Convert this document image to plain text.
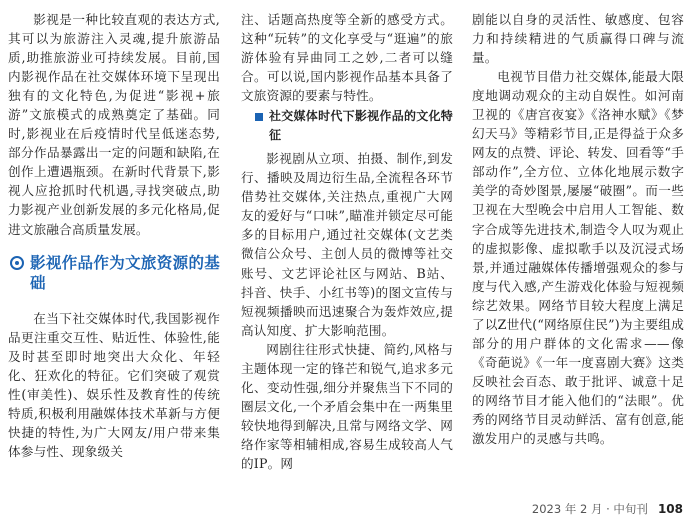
影视是一种比较直观的表达方式,其可以为旅游注入灵魂,提升旅游品质,助推旅游业可持续发展。目前,国内影视作品在社交媒体环境下呈现出独有的文化特色,为促进“影视+旅游”文旅模式的成熟奠定了基础。同时,影视业在后疫情时代呈低迷态势,部分作品暴露出一定的问题和缺陷,在创作上遭遇瓶颈。在新时代背景下,影视人应抢抓时代机遇,寻找突破点,助力影视产业创新发展的多元化格局,促进文旅融合高质量发展。

影视作品作为文旅资源的基础

在当下社交媒体时代,我国影视作品更注重交互性、贴近性、体验性,能及时甚至即时地突出大众化、年轻化、狂欢化的特征。它们突破了观赏性(审美性)、娱乐性及教育性的传统特质,积极利用融媒体技术革新与方便快捷的特性,为广大网友/用户带来集体参与性、现象级关

注、话题高热度等全新的感受方式。这种“玩转”的文化享受与“逛遍”的旅游体验有异曲同工之妙,二者可以缝合。可以说,国内影视作品基本具备了文旅资源的要素与特性。

社交媒体时代下影视作品的文化特征

影视剧从立项、拍摄、制作,到发行、播映及周边衍生品,全流程各环节借势社交媒体,关注热点,重视广大网友的爱好与“口味”,瞄准并锁定尽可能多的目标用户,通过社交媒体(文艺类微信公众号、主创人员的微博等社交账号、文艺评论社区与网站、B站、抖音、快手、小红书等)的图文宣传与短视频播映而迅速聚合为轰炸效应,提高认知度、扩大影响范围。

网剧往往形式快捷、简约,风格与主题体现一定的锋芒和锐气,追求多元化、变动性强,细分并聚焦当下不同的圈层文化,一个矛盾会集中在一两集里较快地得到解决,且常与网络文学、网络作家等相辅相成,容易生成较高人气的IP。网

剧能以自身的灵活性、敏感度、包容力和持续精进的气质赢得口碑与流量。

电视节目借力社交媒体,能最大限度地调动观众的主动自娱性。如河南卫视的《唐宫夜宴》《洛神水赋》《梦幻天马》等精彩节目,正是得益于众多网友的点赞、评论、转发、回看等“手部动作”,全方位、立体化地展示数字美学的奇妙图景,屡屡“破圈”。而一些卫视在大型晚会中启用人工智能、数字合成等先进技术,制造令人叹为观止的虚拟影像、虚拟歌手以及沉浸式场景,并通过融媒体传播增强观众的参与度与代入感,产生游戏化体验与短视频综艺效果。网络节目较大程度上满足了以Z世代(“网络原住民”)为主要组成部分的用户群体的文化需求——像《奇葩说》《一年一度喜剧大赛》这类反映社会百态、敢于批评、诚意十足的网络节目才能入他们的“法眼”。优秀的网络节目灵动鲜活、富有创意,能激发用户的灵感与共鸣。

2023 年 2 月 · 中旬刊 108
